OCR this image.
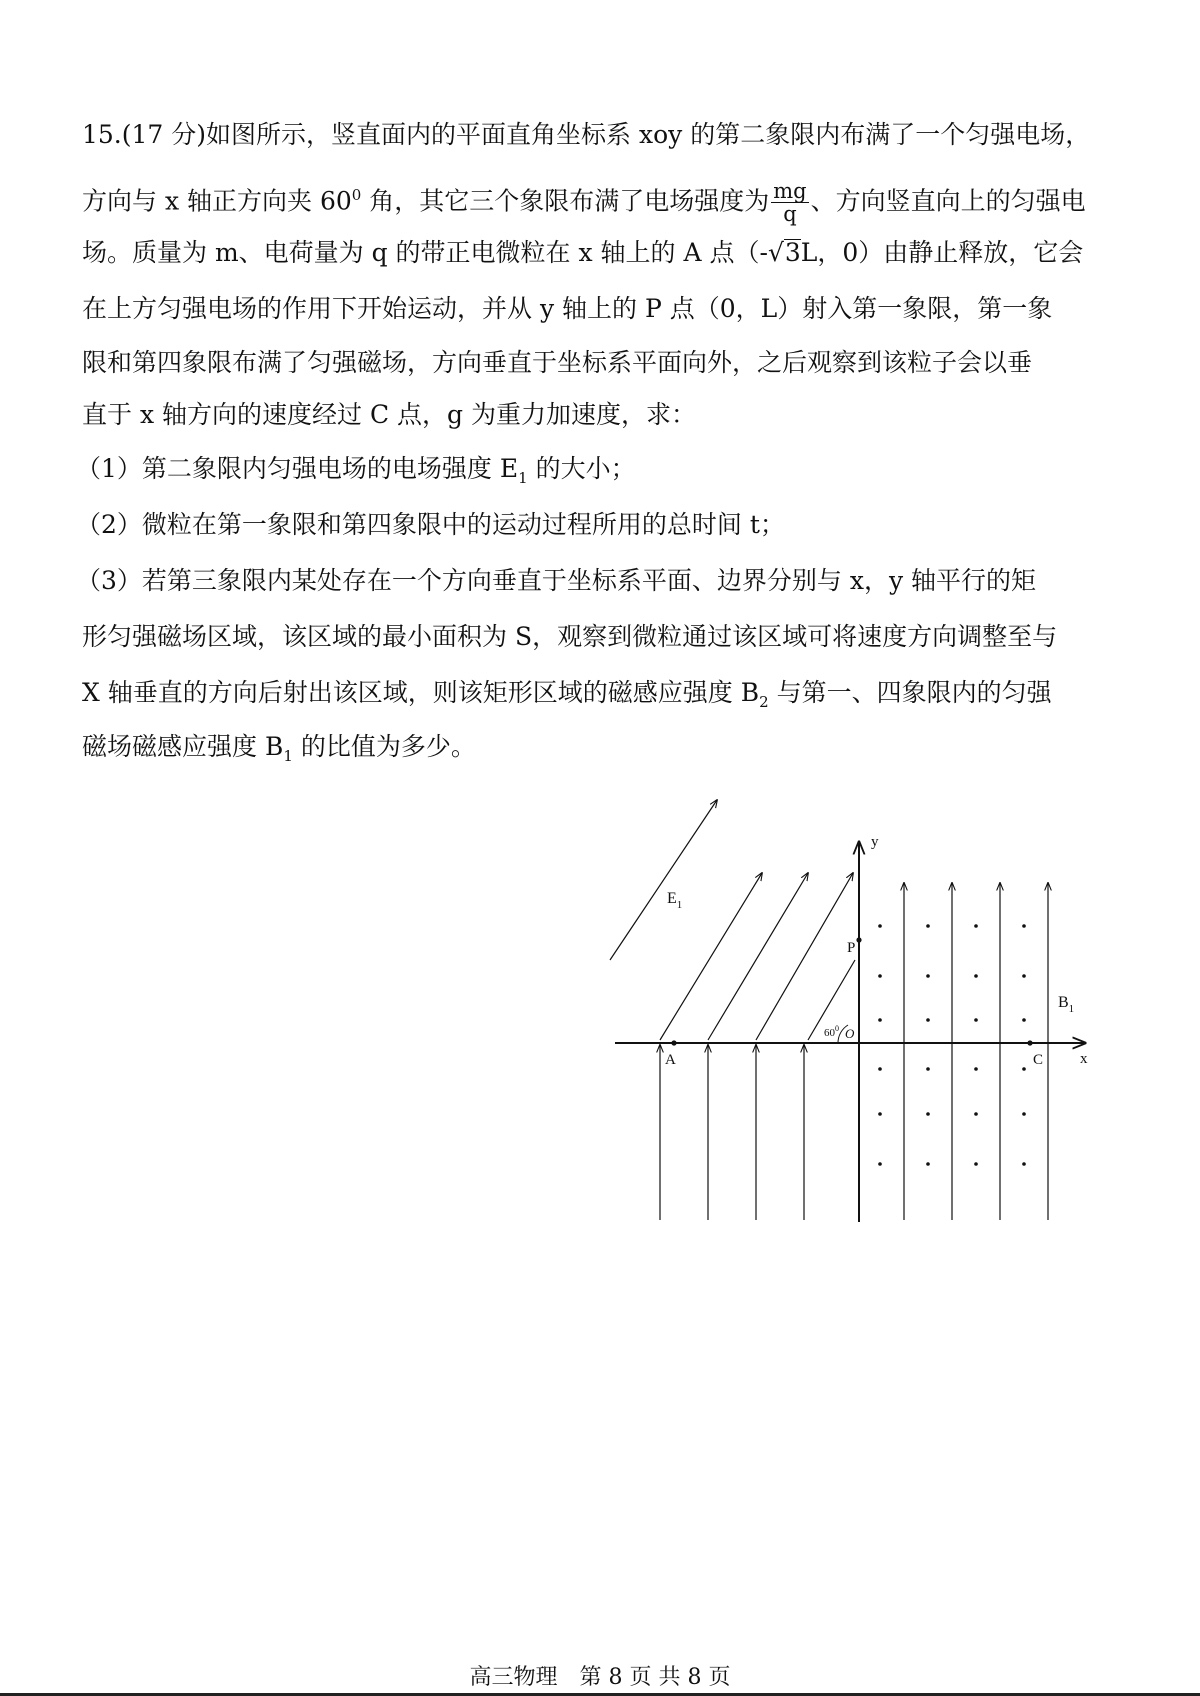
15.(17 分)如图所示，竖直面内的平面直角坐标系 xoy 的第二象限内布满了一个匀强电场，
方向与 x 轴正方向夹 $60^0$ 角，其它三个象限布满了电场强度为 $\frac{mg}{q}$ 、方向竖直向上的匀强电
场。质量为 m、电荷量为 q 的带正电微粒在 x 轴上的 A 点（-√3L，0）由静止释放，它会
在上方匀强电场的作用下开始运动，并从 y 轴上的 P 点（0，L）射入第一象限，第一象
限和第四象限布满了匀强磁场，方向垂直于坐标系平面向外，之后观察到该粒子会以垂
直于 x 轴方向的速度经过 C 点，g 为重力加速度，求：
（1）第二象限内匀强电场的电场强度 $E_1$ 的大小；
（2）微粒在第一象限和第四象限中的运动过程所用的总时间 t；
（3）若第三象限内某处存在一个方向垂直于坐标系平面、边界分别与 x，y 轴平行的矩
形匀强磁场区域，该区域的最小面积为 S，观察到微粒通过该区域可将速度方向调整至与
X 轴垂直的方向后射出该区域，则该矩形区域的磁感应强度 $B_2$ 与第一、四象限内的匀强
磁场磁感应强度 $B_1$ 的比值为多少。
y
x
A
P
O
C
$60^0$
$E_1$
$B_1$
高三物理　第 8 页 共 8 页
